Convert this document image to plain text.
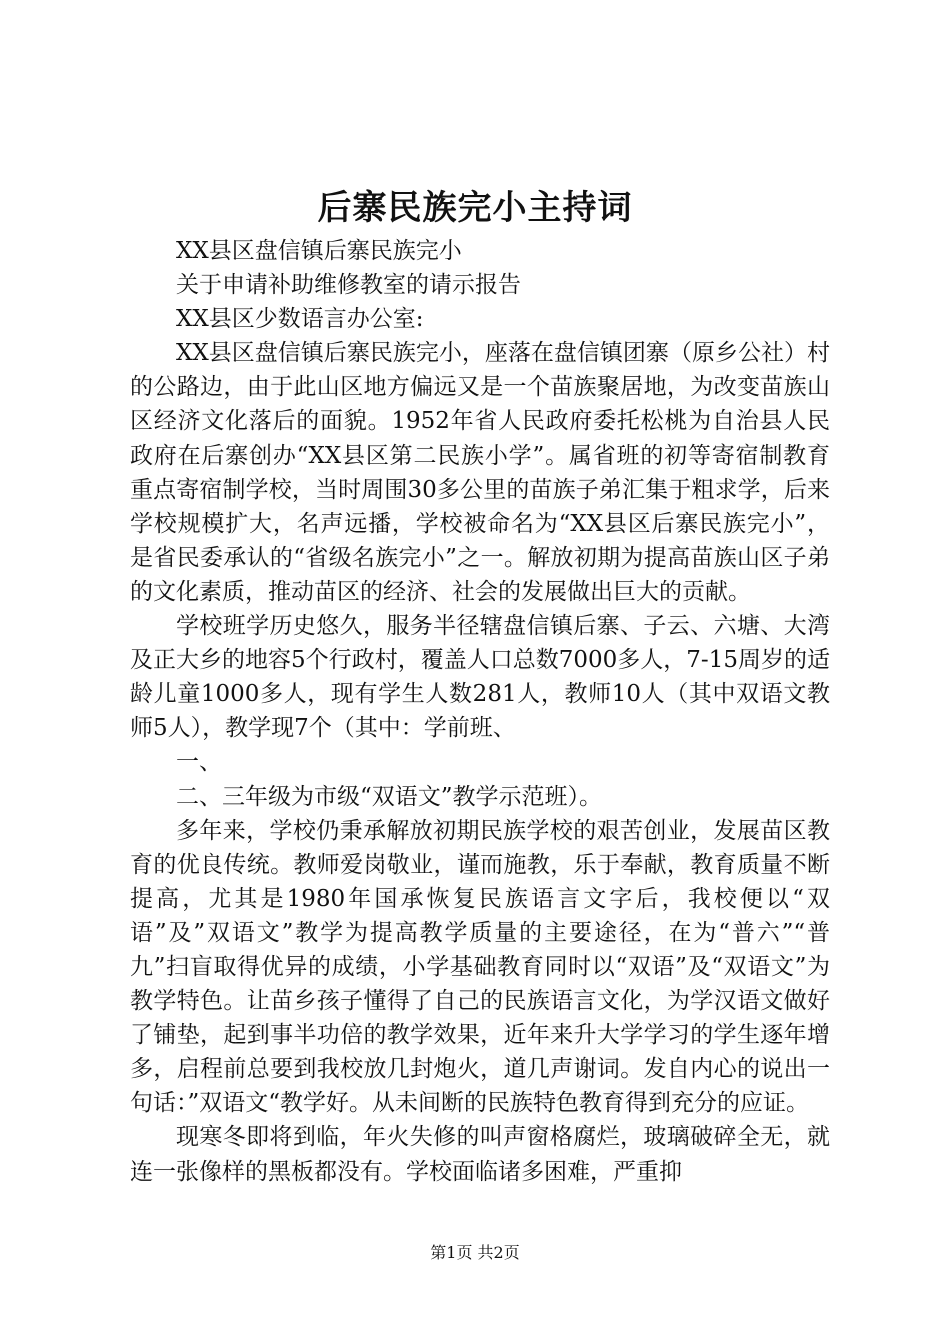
后寨民族完小主持词

XX县区盘信镇后寨民族完小

关于申请补助维修教室的请示报告

XX县区少数语言办公室:

XX县区盘信镇后寨民族完小，座落在盘信镇团寨（原乡公社）村的公路边，由于此山区地方偏远又是一个苗族聚居地，为改变苗族山区经济文化落后的面貌。1952年省人民政府委托松桃为自治县人民政府在后寨创办“XX县区第二民族小学”。属省班的初等寄宿制教育重点寄宿制学校，当时周围30多公里的苗族子弟汇集于粗求学，后来学校规模扩大，名声远播，学校被命名为“XX县区后寨民族完小”，是省民委承认的“省级名族完小”之一。解放初期为提高苗族山区子弟的文化素质，推动苗区的经济、社会的发展做出巨大的贡献。

学校班学历史悠久，服务半径辖盘信镇后寨、子云、六塘、大湾及正大乡的地容5个行政村，覆盖人口总数7000多人，7-15周岁的适龄儿童1000多人，现有学生人数281人，教师10人（其中双语文教师5人），教学现7个（其中：学前班、

一、

二、三年级为市级“双语文”教学示范班）。

多年来，学校仍秉承解放初期民族学校的艰苦创业，发展苗区教育的优良传统。教师爱岗敬业，谨而施教，乐于奉献，教育质量不断提高，尤其是1980年国承恢复民族语言文字后，我校便以“双语”及”双语文”教学为提高教学质量的主要途径，在为“普六”“普九”扫盲取得优异的成绩，小学基础教育同时以“双语”及“双语文”为教学特色。让苗乡孩子懂得了自己的民族语言文化，为学汉语文做好了铺垫，起到事半功倍的教学效果，近年来升大学学习的学生逐年增多，启程前总要到我校放几封炮火，道几声谢词。发自内心的说出一句话：”双语文“教学好。从未间断的民族特色教育得到充分的应证。

现寒冬即将到临，年火失修的叫声窗格腐烂，玻璃破碎全无，就连一张像样的黑板都没有。学校面临诸多困难，严重抑

第1页 共2页
